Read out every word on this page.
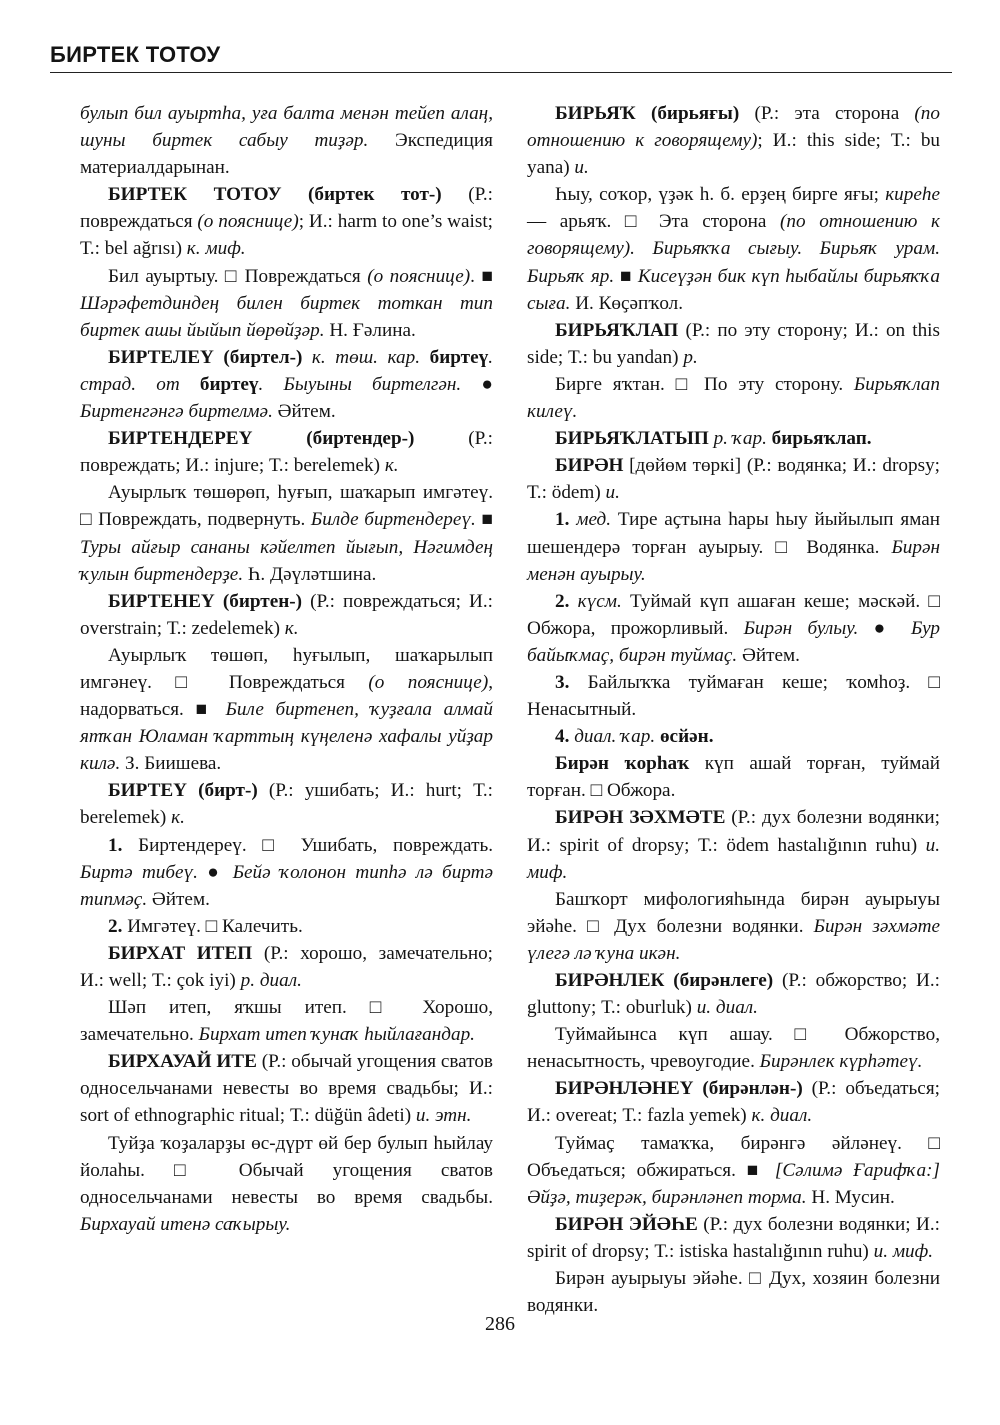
БИРТЕК ТОТОУ

булып бил ауыртһа, уға балта менән тейеп алаң, шуны биртек сабыу тиҙәр. Экспедиция материалдарынан.

БИРТЕК ТОТОУ (биртек тот-) (Р.: повреждаться (о пояснице); И.: harm to one’s waist; Т.: bel ağrısı) к. миф.

Бил ауыртыу. □ Повреждаться (о пояснице). ■ Шәрәфетдиндең билен биртек тоткан тип биртек ашы йыйып йөрөйҙәр. Н. Ғәлина.

БИРТЕЛЕҮ (биртел-) к. төш. кар. биртеү. страд. от биртеү. Быуыны биртелгән. ● Биртенгәнгә биртелмә. Әйтем.

БИРТЕНДЕРЕҮ (биртендер-) (Р.: повреждать; И.: injure; Т.: berelemek) к.

Ауырлыҡ төшөрөп, һуғып, шаҡарып имгәтеү. □ Повреждать, подвернуть. Билде биртендереү. ■ Туры айғыр сананы кәйелтеп йығып, Нәгимдең ҡулын биртендерҙе. Һ. Дәүләтшина.

БИРТЕНЕҮ (биртен-) (Р.: повреждаться; И.: overstrain; Т.: zedelemek) к.

Ауырлыҡ төшөп, һуғылып, шаҡарылып имгәнеү. □ Повреждаться (о пояснице), надорваться. ■ Биле биртенеп, ҡуҙғала алмай ятҡан Юламан ҡарттың күңеленә хафалы уйҙар килә. З. Биишева.

БИРТЕҮ (бирт-) (Р.: ушибать; И.: hurt; Т.: berelemek) к.

1. Биртендереү. □ Ушибать, повреждать. Биртә тибеү. ● Бейә ҡолонон типһә лә биртә типмәҫ. Әйтем.

2. Имгәтеү. □ Калечить.

БИРХАТ ИТЕП (Р.: хорошо, замечательно; И.: well; Т.: çok iyi) р. диал.

Шәп итеп, яҡшы итеп. □ Хорошо, замечательно. Бирхат итеп ҡунаҡ һыйлағандар.

БИРХАУАЙ ИТЕ (Р.: обычай угощения сватов односельчанами невесты во время свадьбы; И.: sort of ethnographic ritual; Т.: düğün âdeti) и. этн.

Туйҙа ҡоҙаларҙы өс-дүрт өй бер булып һыйлау йолаһы. □ Обычай угощения сватов односельчанами невесты во время свадьбы. Бирхауай итенә саҡырыу.

БИРЬЯҠ (бирьяғы) (Р.: эта сторона (по отношению к говорящему); И.: this side; Т.: bu yana) и.

Һыу, соҡор, үҙәк һ. б. ерҙең бирге яғы; киреһе — арьяҡ. □ Эта сторона (по отношению к говорящему). Бирьяҡҡа сығыу. Бирьяҡ урам. Бирьяҡ яр. ■ Кисеүҙән бик күп һыбайлы бирьяҡҡа сыға. И. Көҫәпҡол.

БИРЬЯҠЛАП (Р.: по эту сторону; И.: on this side; Т.: bu yandan) р.

Бирге яҡтан. □ По эту сторону. Бирьяҡлап килеү.

БИРЬЯҠЛАТЫП р. ҡар. бирьяҡлап.

БИРӘН [дөйөм төркі] (Р.: водянка; И.: dropsy; Т.: ödem) и.

1. мед. Тире аҫтына һары һыу йыйылып яман шешендерә торған ауырыу. □ Водянка. Бирән менән ауырыу.

2. күсм. Туймай күп ашаған кеше; мәскәй. □ Обжора, прожорливый. Бирән булыу. ● Бур байыҡмаҫ, бирән туймаҫ. Әйтем.

3. Байлыҡҡа туймаған кеше; ҡомһоҙ. □ Ненасытный.

4. диал. ҡар. өсйән.

Бирән ҡорһаҡ күп ашай торған, туймай торған. □ Обжора.

БИРӘН ЗӘХМӘТЕ (Р.: дух болезни водянки; И.: spirit of dropsy; Т.: ödem hastalığının ruhu) и. миф.

Башҡорт мифологияһында бирән ауырыуы эйәһе. □ Дух болезни водянки. Бирән зәхмәте үлегә лә ҡуна икән.

БИРӘНЛЕК (бирәнлеге) (Р.: обжорство; И.: gluttony; Т.: oburluk) и. диал.

Туймайынса күп ашау. □ Обжорство, ненасытность, чревоугодие. Бирәнлек күрһәтеү.

БИРӘНЛӘНЕҮ (бирәнлән-) (Р.: объедаться; И.: overeat; Т.: fazla yemek) к. диал.

Туймаҫ тамаҡҡа, бирәнгә әйләнеү. □ Объедаться; обжираться. ■ [Сәлимә Ғарифҡа:] Әйҙә, тиҙерәк, бирәнләнеп торма. Н. Мусин.

БИРӘН ЭЙӘҺЕ (Р.: дух болезни водянки; И.: spirit of dropsy; Т.: istiska hastalığının ruhu) и. миф.

Бирән ауырыуы эйәһе. □ Дух, хозяин болезни водянки.

286
